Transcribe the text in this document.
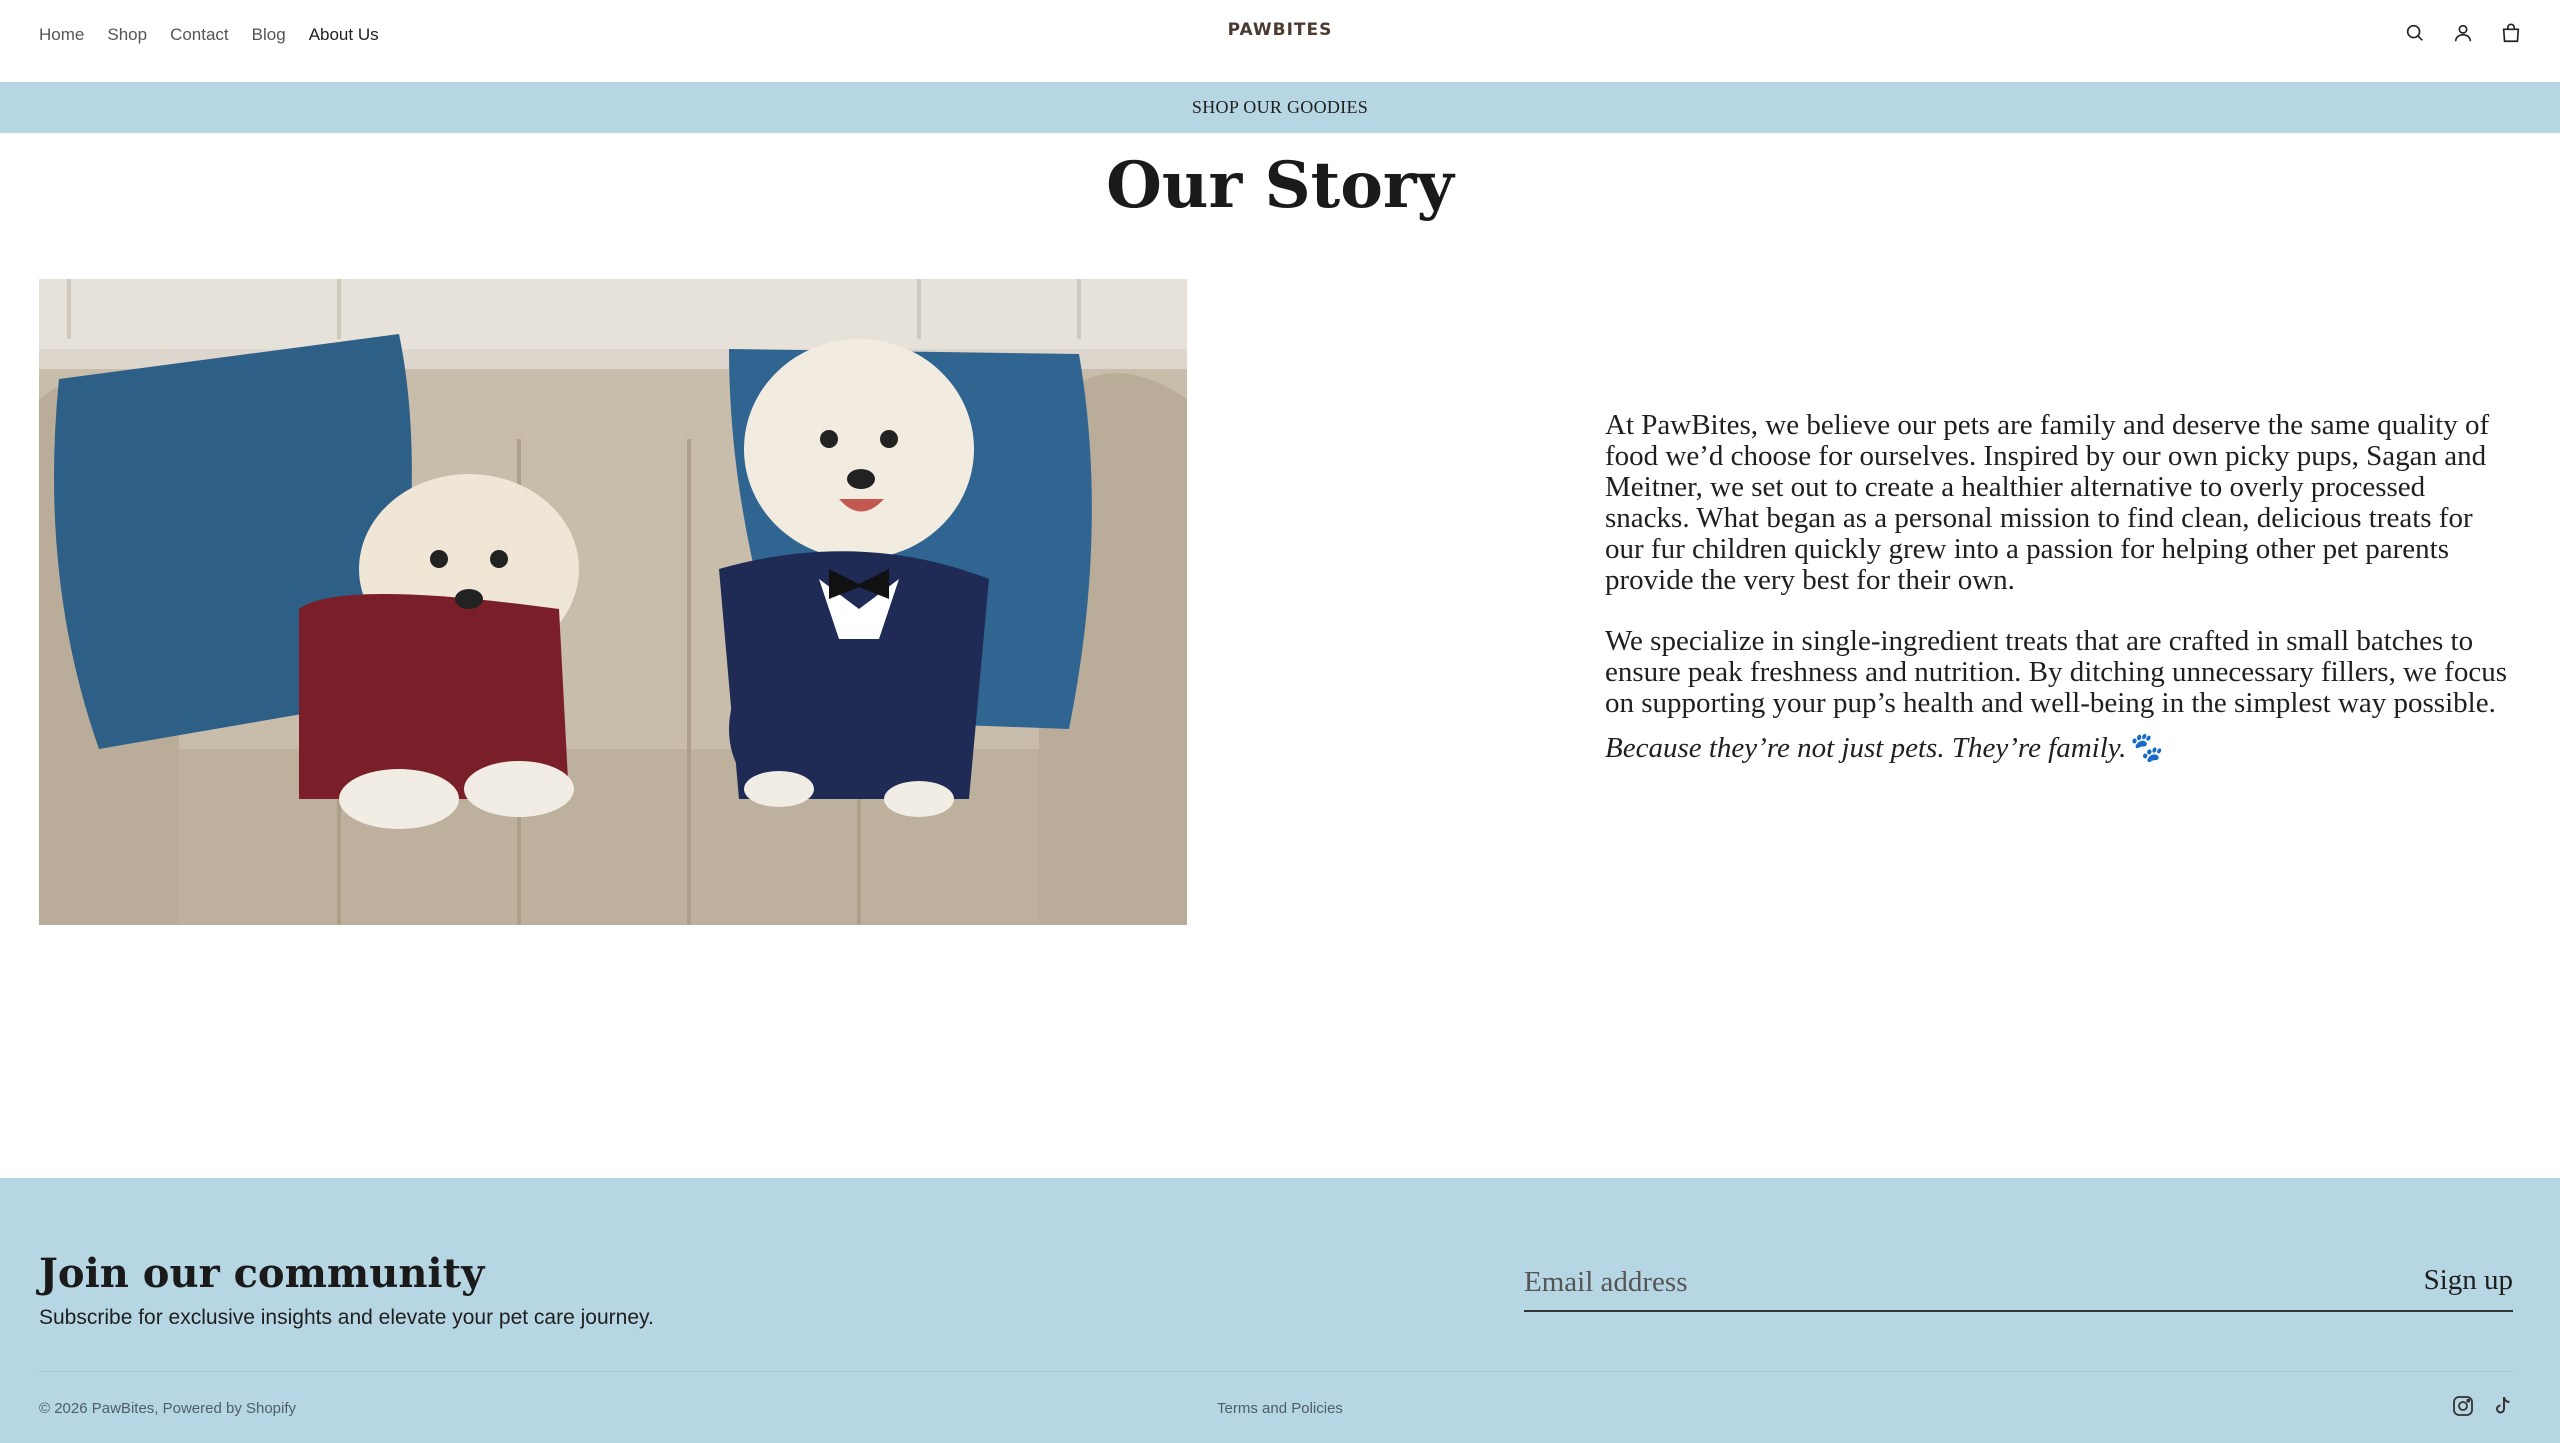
Home Shop Contact Blog About Us	PAWBITES
SHOP OUR GOODIES
Our Story

At PawBites, we believe our pets are family and deserve the same quality of food we’d choose for ourselves. Inspired by our own picky pups, Sagan and Meitner, we set out to create a healthier alternative to overly processed snacks. What began as a personal mission to find clean, delicious treats for our fur children quickly grew into a passion for helping other pet parents provide the very best for their own.

We specialize in single-ingredient treats that are crafted in small batches to ensure peak freshness and nutrition. By ditching unnecessary fillers, we focus on supporting your pup’s health and well-being in the simplest way possible.

Because they’re not just pets. They’re family.🐾

Join our community

Subscribe for exclusive insights and elevate your pet care journey.

Email address
Sign up
© 2026 PawBites, Powered by Shopify	Terms and Policies
